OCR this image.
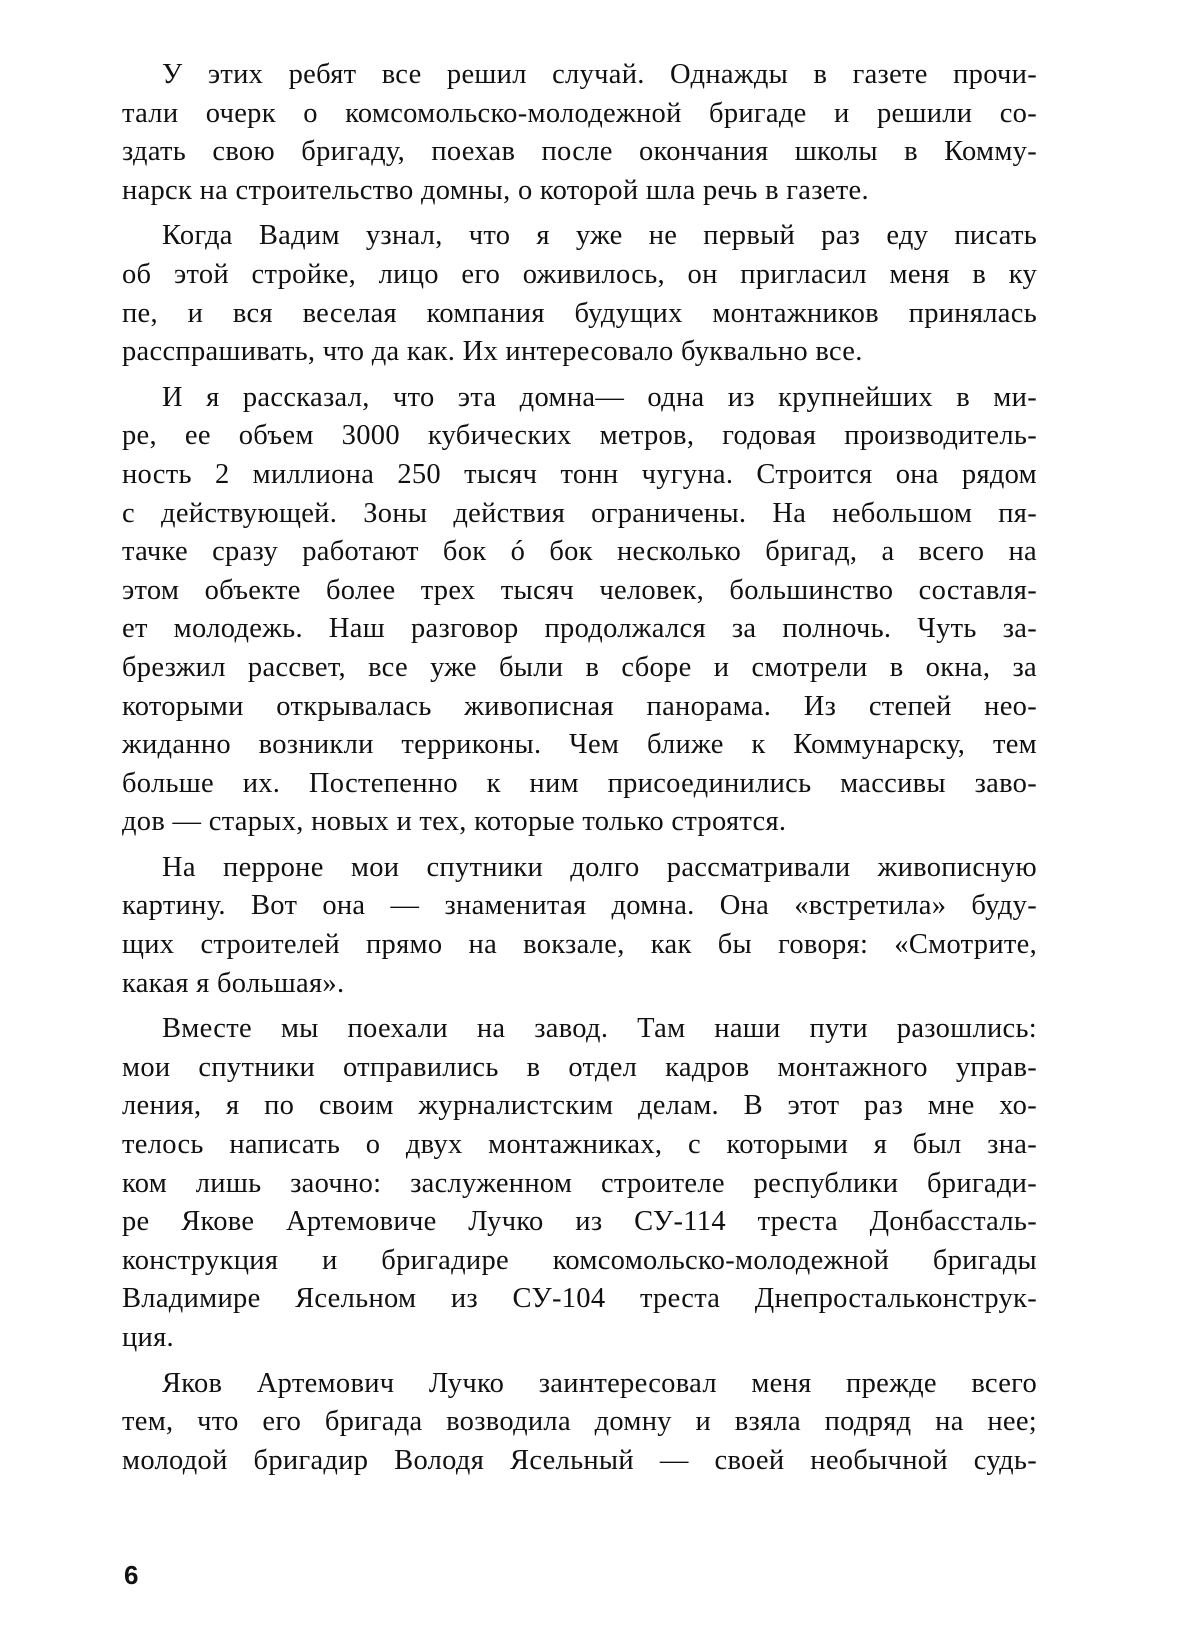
У этих ребят все решил случай. Однажды в газете прочи-
тали очерк о комсомольско-молодежной бригаде и решили со-
здать свою бригаду, поехав после окончания школы в Комму-
нарск на строительство домны, о которой шла речь в газете.
Когда Вадим узнал, что я уже не первый раз еду писать
об этой стройке, лицо его оживилось, он пригласил меня в ку
пе, и вся веселая компания будущих монтажников принялась
расспрашивать, что да как. Их интересовало буквально все.
И я рассказал, что эта домна— одна из крупнейших в ми-
ре, ее объем 3000 кубических метров, годовая производитель-
ность 2 миллиона 250 тысяч тонн чугуна. Строится она рядом
с действующей. Зоны действия ограничены. На небольшом пя-
тачке сразу работают бок ó бок несколько бригад, а всего на
этом объекте более трех тысяч человек, большинство составля-
ет молодежь. Наш разговор продолжался за полночь. Чуть за-
брезжил рассвет, все уже были в сборе и смотрели в окна, за
которыми открывалась живописная панорама. Из степей нео-
жиданно возникли терриконы. Чем ближе к Коммунарску, тем
больше их. Постепенно к ним присоединились массивы заво-
дов — старых, новых и тех, которые только строятся.
На перроне мои спутники долго рассматривали живописную
картину. Вот она — знаменитая домна. Она «встретила» буду-
щих строителей прямо на вокзале, как бы говоря: «Смотрите,
какая я большая».
Вместе мы поехали на завод. Там наши пути разошлись:
мои спутники отправились в отдел кадров монтажного управ-
ления, я по своим журналистским делам. В этот раз мне хо-
телось написать о двух монтажниках, с которыми я был зна-
ком лишь заочно: заслуженном строителе республики бригади-
ре Якове Артемовиче Лучко из СУ-114 треста Донбассталь-
конструкция и бригадире комсомольско-молодежной бригады
Владимире Ясельном из СУ-104 треста Днепростальконструк-
ция.
Яков Артемович Лучко заинтересовал меня прежде всего
тем, что его бригада возводила домну и взяла подряд на нее;
молодой бригадир Володя Ясельный — своей необычной судь-
6
